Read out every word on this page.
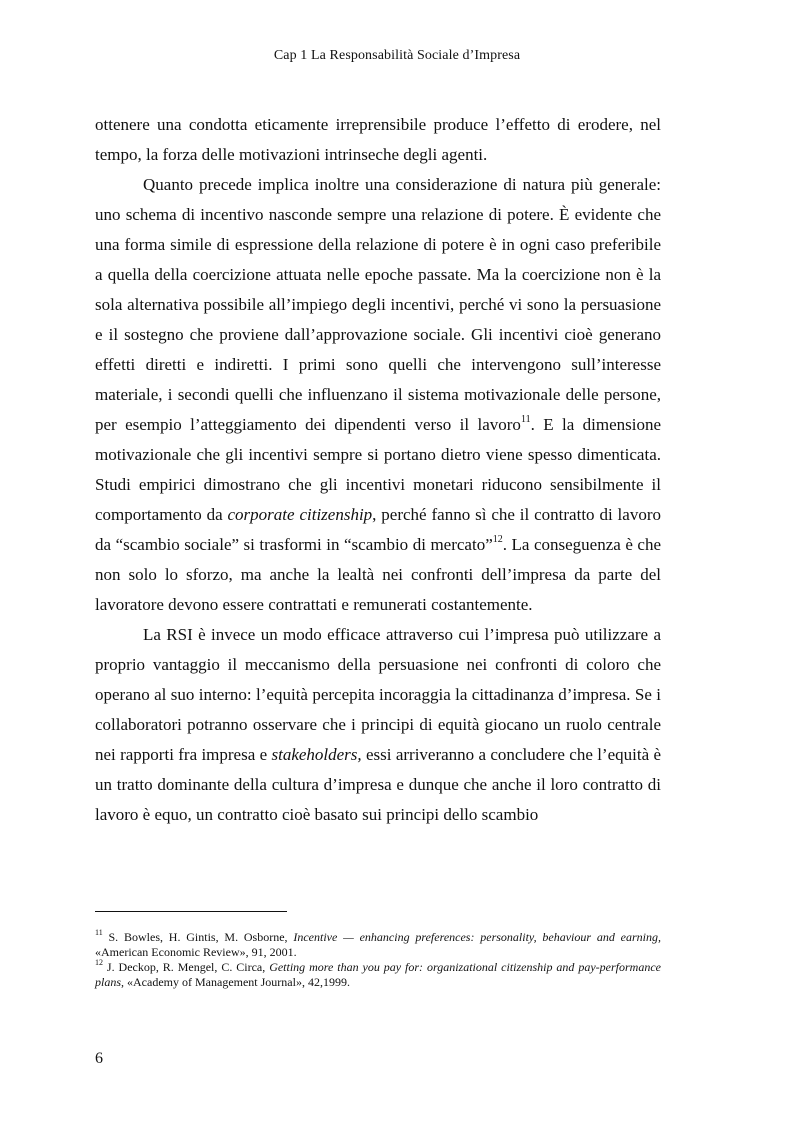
Cap 1 La Responsabilità Sociale d’Impresa

ottenere una condotta eticamente irreprensibile produce l’effetto di erodere, nel tempo, la forza delle motivazioni intrinseche degli agenti.

Quanto precede implica inoltre una considerazione di natura più generale: uno schema di incentivo nasconde sempre una relazione di potere. È evidente che una forma simile di espressione della relazione di potere è in ogni caso preferibile a quella della coercizione attuata nelle epoche passate. Ma la coercizione non è la sola alternativa possibile all’impiego degli incentivi, perché vi sono la persuasione e il sostegno che proviene dall’approvazione sociale. Gli incentivi cioè generano effetti diretti e indiretti. I primi sono quelli che intervengono sull’interesse materiale, i secondi quelli che influenzano il sistema motivazionale delle persone, per esempio l’atteggiamento dei dipendenti verso il lavoro$^{11}$. E la dimensione motivazionale che gli incentivi sempre si portano dietro viene spesso dimenticata. Studi empirici dimostrano che gli incentivi monetari riducono sensibilmente il comportamento da corporate citizenship, perché fanno sì che il contratto di lavoro da “scambio sociale” si trasformi in “scambio di mercato”$^{12}$. La conseguenza è che non solo lo sforzo, ma anche la lealtà nei confronti dell’impresa da parte del lavoratore devono essere contrattati e remunerati costantemente.

La RSI è invece un modo efficace attraverso cui l’impresa può utilizzare a proprio vantaggio il meccanismo della persuasione nei confronti di coloro che operano al suo interno: l’equità percepita incoraggia la cittadinanza d’impresa. Se i collaboratori potranno osservare che i principi di equità giocano un ruolo centrale nei rapporti fra impresa e stakeholders, essi arriveranno a concludere che l’equità è un tratto dominante della cultura d’impresa e dunque che anche il loro contratto di lavoro è equo, un contratto cioè basato sui principi dello scambio

$^{11}$ S. Bowles, H. Gintis, M. Osborne, Incentive — enhancing preferences: personality, behaviour and earning, «American Economic Review», 91, 2001.

$^{12}$ J. Deckop, R. Mengel, C. Circa, Getting more than you pay for: organizational citizenship and pay-performance plans, «Academy of Management Journal», 42,1999.

6
